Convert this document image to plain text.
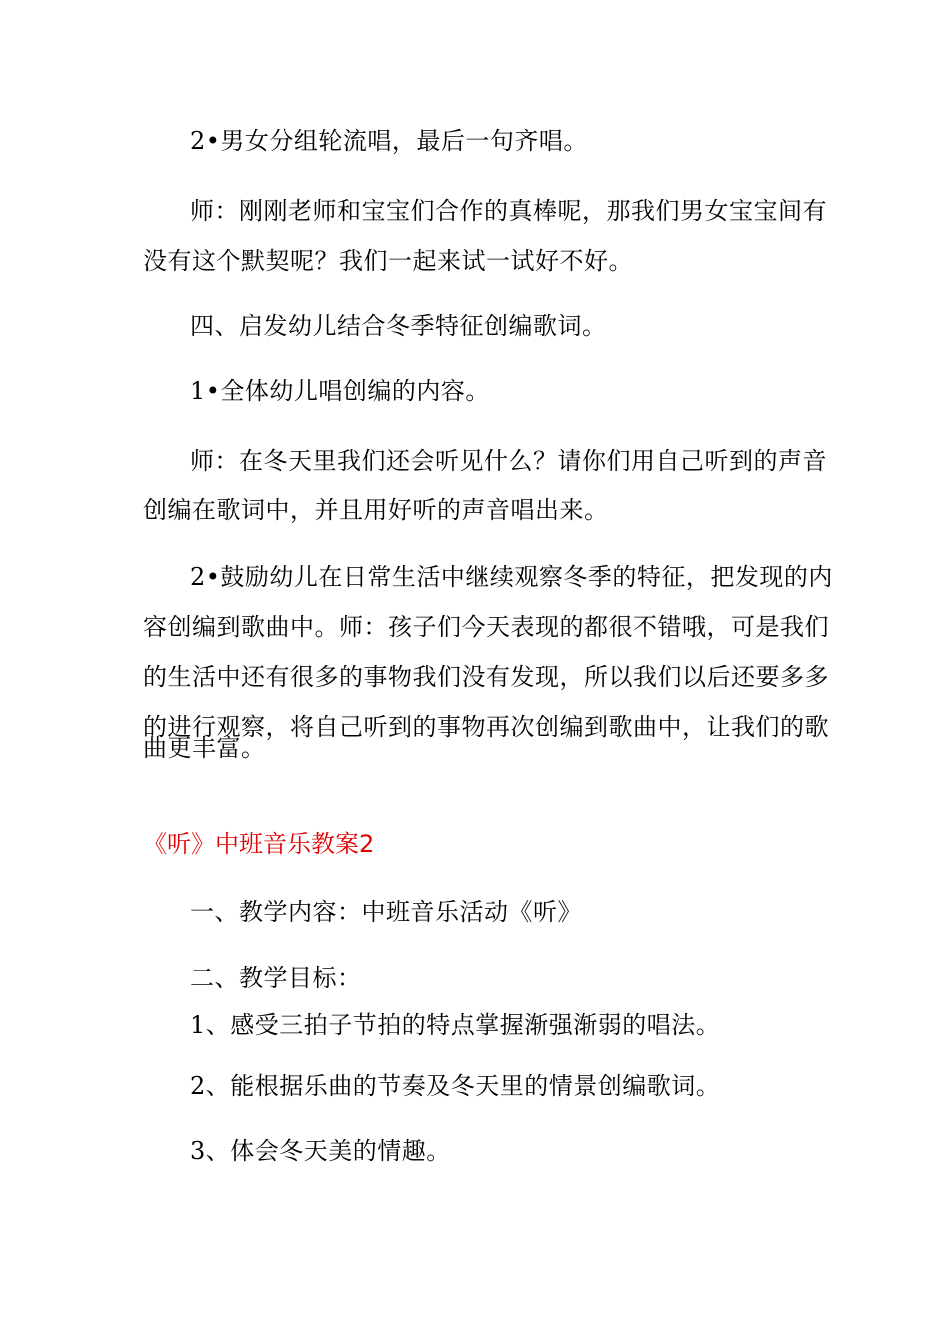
2•男女分组轮流唱，最后一句齐唱。
师：刚刚老师和宝宝们合作的真棒呢，那我们男女宝宝间有
没有这个默契呢？我们一起来试一试好不好。
四、启发幼儿结合冬季特征创编歌词。
1•全体幼儿唱创编的内容。
师：在冬天里我们还会听见什么？请你们用自己听到的声音
创编在歌词中，并且用好听的声音唱出来。
2•鼓励幼儿在日常生活中继续观察冬季的特征，把发现的内
容创编到歌曲中。师：孩子们今天表现的都很不错哦，可是我们
的生活中还有很多的事物我们没有发现，所以我们以后还要多多
的进行观察，将自己听到的事物再次创编到歌曲中，让我们的歌
曲更丰富。
《听》中班音乐教案2
一、教学内容：中班音乐活动《听》
二、教学目标：
1、感受三拍子节拍的特点掌握渐强渐弱的唱法。
2、能根据乐曲的节奏及冬天里的情景创编歌词。
3、体会冬天美的情趣。
